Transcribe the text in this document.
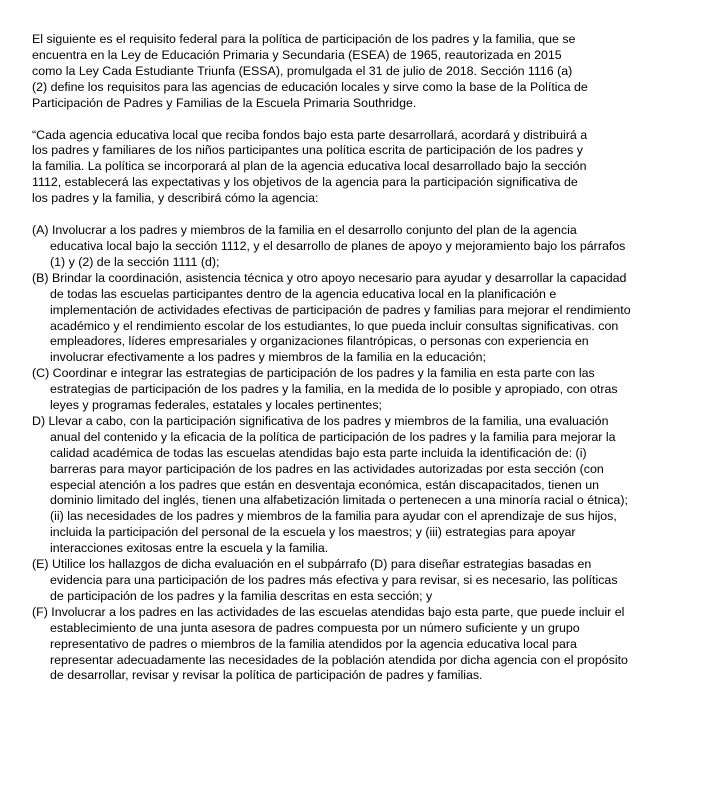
El siguiente es el requisito federal para la política de participación de los padres y la familia, que se
encuentra en la Ley de Educación Primaria y Secundaria (ESEA) de 1965, reautorizada en 2015
como la Ley Cada Estudiante Triunfa (ESSA), promulgada el 31 de julio de 2018. Sección 1116 (a)
(2) define los requisitos para las agencias de educación locales y sirve como la base de la Política de
Participación de Padres y Familias de la Escuela Primaria Southridge.

“Cada agencia educativa local que reciba fondos bajo esta parte desarrollará, acordará y distribuirá a
los padres y familiares de los niños participantes una política escrita de participación de los padres y
la familia. La política se incorporará al plan de la agencia educativa local desarrollado bajo la sección
1112, establecerá las expectativas y los objetivos de la agencia para la participación significativa de
los padres y la familia, y describirá cómo la agencia:

(A) Involucrar a los padres y miembros de la familia en el desarrollo conjunto del plan de la agencia educativa local bajo la sección 1112, y el desarrollo de planes de apoyo y mejoramiento bajo los párrafos (1) y (2) de la sección 1111 (d);

(B) Brindar la coordinación, asistencia técnica y otro apoyo necesario para ayudar y desarrollar la capacidad de todas las escuelas participantes dentro de la agencia educativa local en la planificación e implementación de actividades efectivas de participación de padres y familias para mejorar el rendimiento académico y el rendimiento escolar de los estudiantes, lo que pueda incluir consultas significativas. con empleadores, líderes empresariales y organizaciones filantrópicas, o personas con experiencia en involucrar efectivamente a los padres y miembros de la familia en la educación;

(C) Coordinar e integrar las estrategias de participación de los padres y la familia en esta parte con las estrategias de participación de los padres y la familia, en la medida de lo posible y apropiado, con otras leyes y programas federales, estatales y locales pertinentes;

D) Llevar a cabo, con la participación significativa de los padres y miembros de la familia, una evaluación anual del contenido y la eficacia de la política de participación de los padres y la familia para mejorar la calidad académica de todas las escuelas atendidas bajo esta parte incluida la identificación de: (i) barreras para mayor participación de los padres en las actividades autorizadas por esta sección (con especial atención a los padres que están en desventaja económica, están discapacitados, tienen un dominio limitado del inglés, tienen una alfabetización limitada o pertenecen a una minoría racial o étnica); (ii) las necesidades de los padres y miembros de la familia para ayudar con el aprendizaje de sus hijos, incluida la participación del personal de la escuela y los maestros; y (iii) estrategias para apoyar interacciones exitosas entre la escuela y la familia.

(E) Utilice los hallazgos de dicha evaluación en el subpárrafo (D) para diseñar estrategias basadas en evidencia para una participación de los padres más efectiva y para revisar, si es necesario, las políticas de participación de los padres y la familia descritas en esta sección; y

(F) Involucrar a los padres en las actividades de las escuelas atendidas bajo esta parte, que puede incluir el establecimiento de una junta asesora de padres compuesta por un número suficiente y un grupo representativo de padres o miembros de la familia atendidos por la agencia educativa local para representar adecuadamente las necesidades de la población atendida por dicha agencia con el propósito de desarrollar, revisar y revisar la política de participación de padres y familias.
